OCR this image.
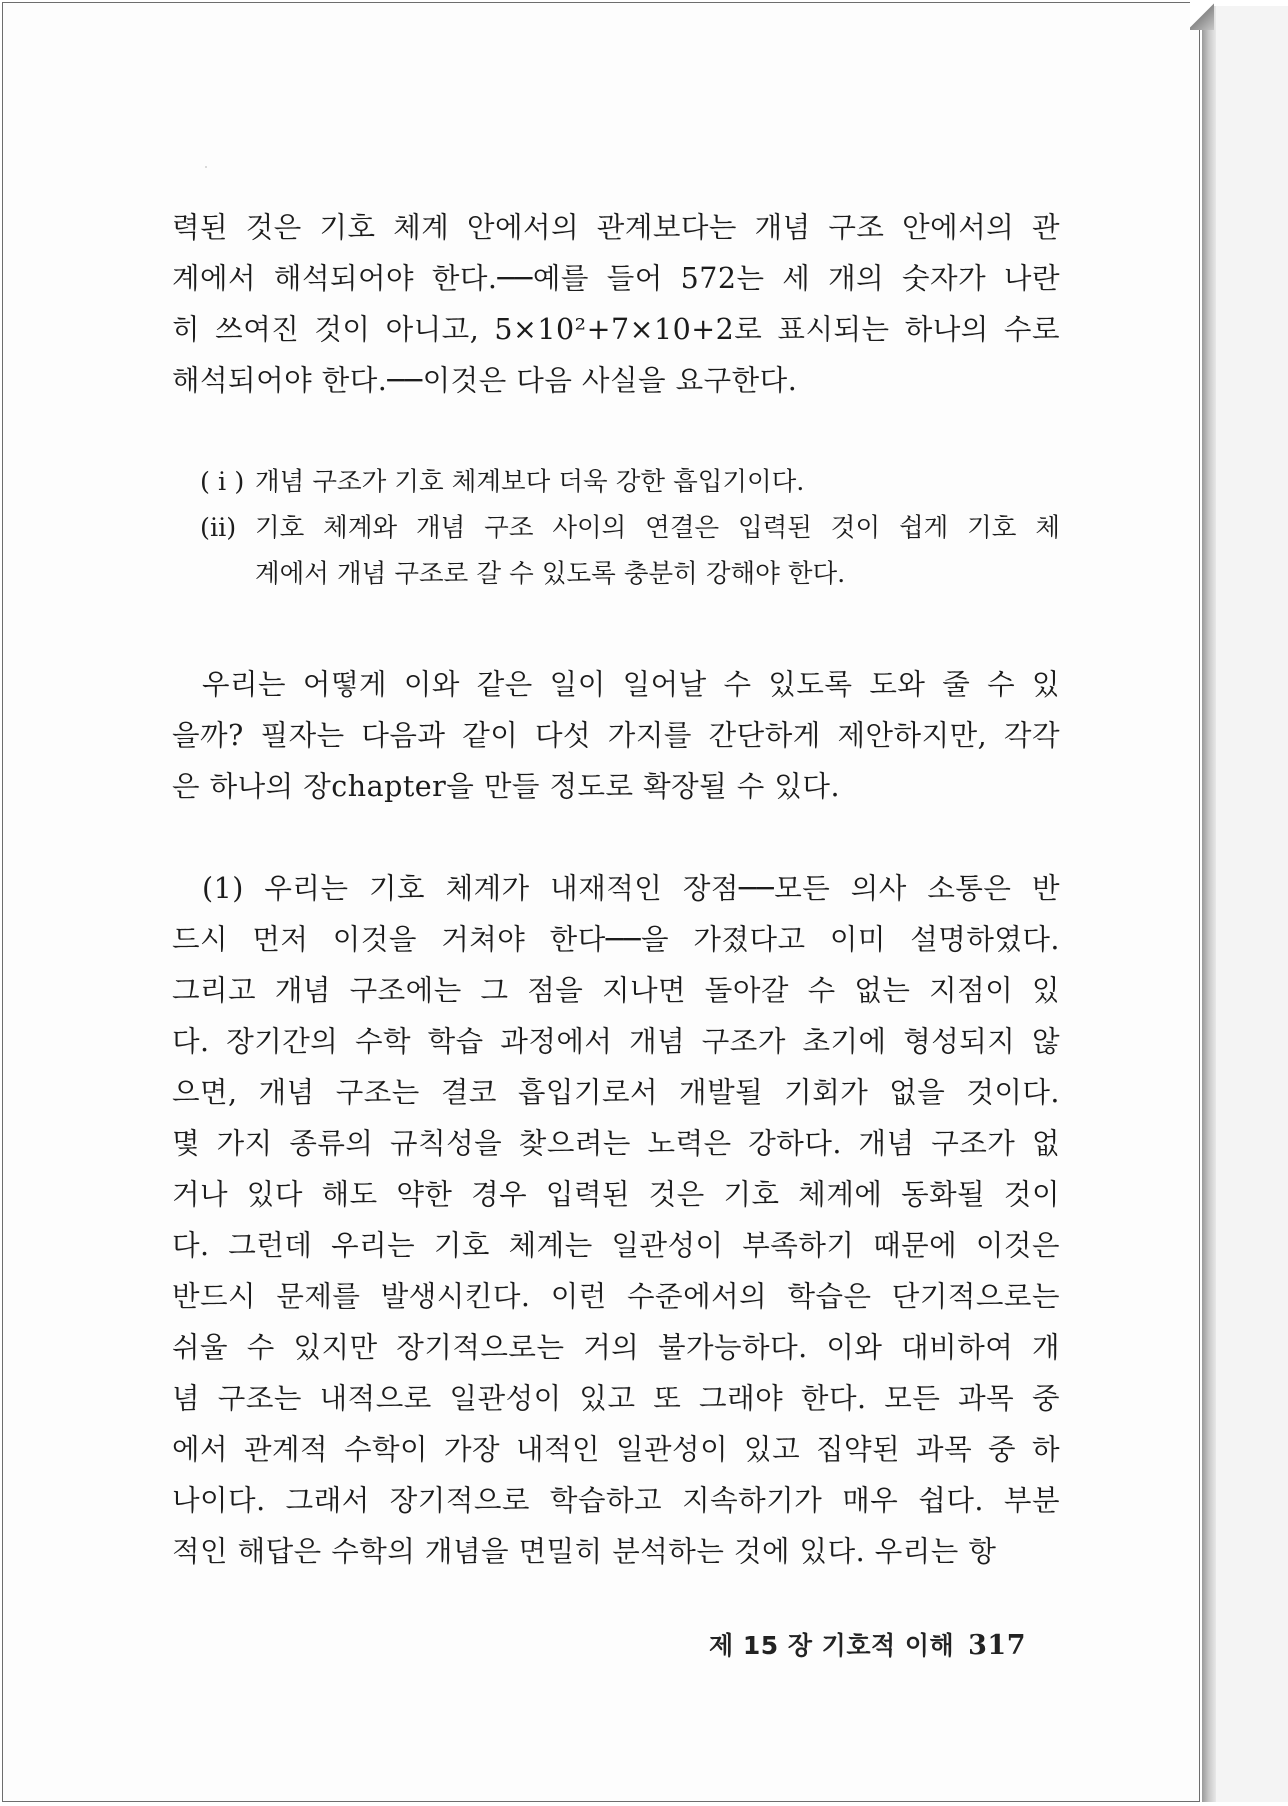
력된 것은 기호 체계 안에서의 관계보다는 개념 구조 안에서의 관
계에서 해석되어야 한다.──예를 들어 572는 세 개의 숫자가 나란
히 쓰여진 것이 아니고, 5×10²+7×10+2로 표시되는 하나의 수로
해석되어야 한다.──이것은 다음 사실을 요구한다.
( i ) 개념 구조가 기호 체계보다 더욱 강한 흡입기이다.
(ii) 기호 체계와 개념 구조 사이의 연결은 입력된 것이 쉽게 기호 체
계에서 개념 구조로 갈 수 있도록 충분히 강해야 한다.
우리는 어떻게 이와 같은 일이 일어날 수 있도록 도와 줄 수 있
을까? 필자는 다음과 같이 다섯 가지를 간단하게 제안하지만, 각각
은 하나의 장chapter을 만들 정도로 확장될 수 있다.
(1) 우리는 기호 체계가 내재적인 장점──모든 의사 소통은 반
드시 먼저 이것을 거쳐야 한다──을 가졌다고 이미 설명하였다.
그리고 개념 구조에는 그 점을 지나면 돌아갈 수 없는 지점이 있
다. 장기간의 수학 학습 과정에서 개념 구조가 초기에 형성되지 않
으면, 개념 구조는 결코 흡입기로서 개발될 기회가 없을 것이다.
몇 가지 종류의 규칙성을 찾으려는 노력은 강하다. 개념 구조가 없
거나 있다 해도 약한 경우 입력된 것은 기호 체계에 동화될 것이
다. 그런데 우리는 기호 체계는 일관성이 부족하기 때문에 이것은
반드시 문제를 발생시킨다. 이런 수준에서의 학습은 단기적으로는
쉬울 수 있지만 장기적으로는 거의 불가능하다. 이와 대비하여 개
념 구조는 내적으로 일관성이 있고 또 그래야 한다. 모든 과목 중
에서 관계적 수학이 가장 내적인 일관성이 있고 집약된 과목 중 하
나이다. 그래서 장기적으로 학습하고 지속하기가 매우 쉽다. 부분
적인 해답은 수학의 개념을 면밀히 분석하는 것에 있다. 우리는 항
제 15 장 기호적 이해 317
